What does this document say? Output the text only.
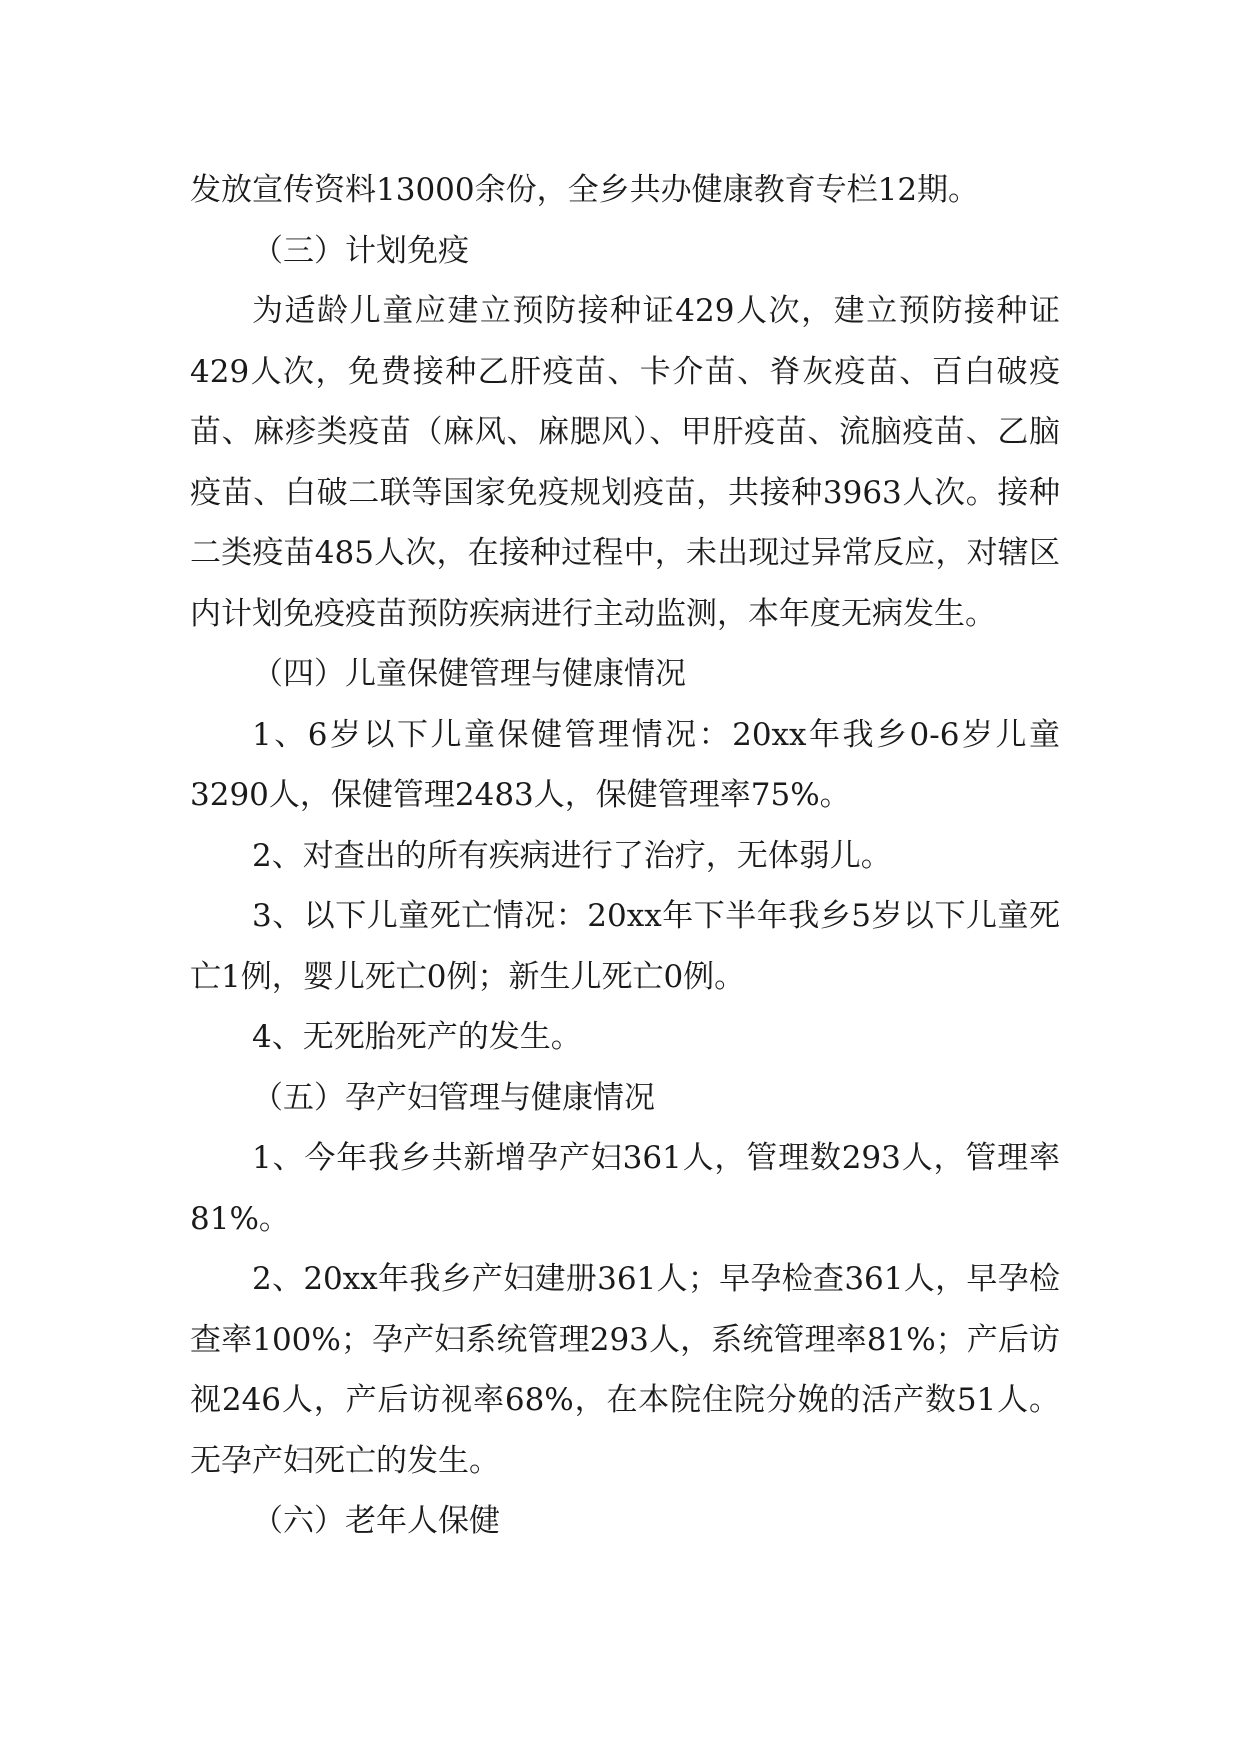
发放宣传资料13000余份，全乡共办健康教育专栏12期。

（三）计划免疫

为适龄儿童应建立预防接种证429人次，建立预防接种证429人次，免费接种乙肝疫苗、卡介苗、脊灰疫苗、百白破疫苗、麻疹类疫苗（麻风、麻腮风）、甲肝疫苗、流脑疫苗、乙脑疫苗、白破二联等国家免疫规划疫苗，共接种3963人次。接种二类疫苗485人次，在接种过程中，未出现过异常反应，对辖区内计划免疫疫苗预防疾病进行主动监测，本年度无病发生。

（四）儿童保健管理与健康情况

1、6岁以下儿童保健管理情况：20xx年我乡0-6岁儿童3290人，保健管理2483人，保健管理率75%。

2、对查出的所有疾病进行了治疗，无体弱儿。

3、以下儿童死亡情况：20xx年下半年我乡5岁以下儿童死亡1例，婴儿死亡0例；新生儿死亡0例。

4、无死胎死产的发生。

（五）孕产妇管理与健康情况

1、今年我乡共新增孕产妇361人，管理数293人，管理率81%。

2、20xx年我乡产妇建册361人；早孕检查361人，早孕检查率100%；孕产妇系统管理293人，系统管理率81%；产后访视246人，产后访视率68%，在本院住院分娩的活产数51人。无孕产妇死亡的发生。

（六）老年人保健
